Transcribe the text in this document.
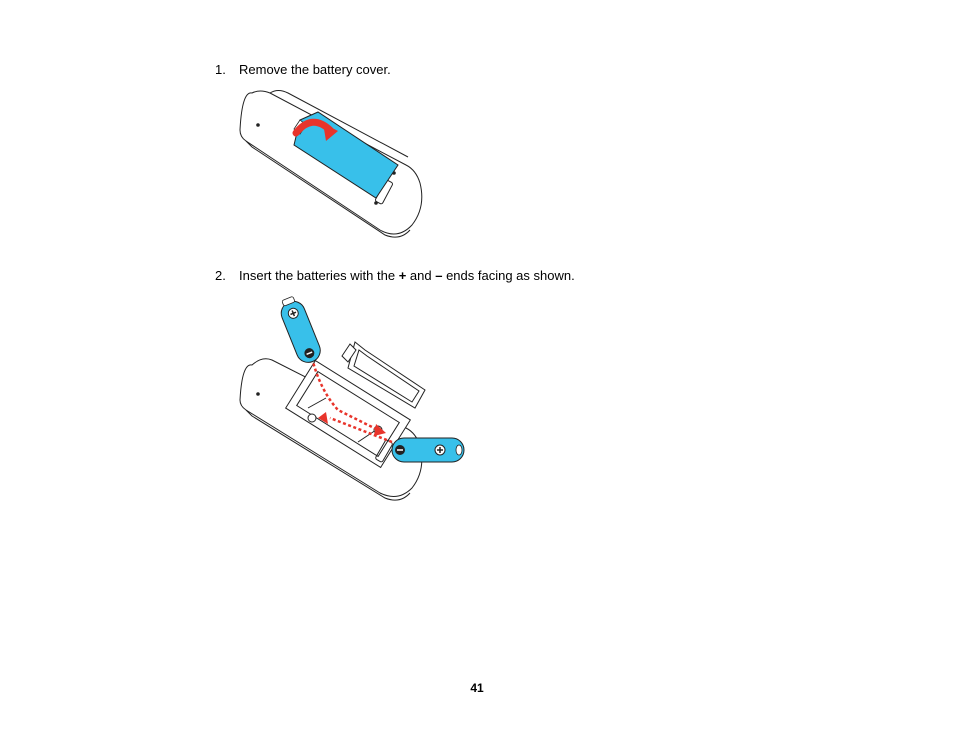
1. Remove the battery cover.
2. Insert the batteries with the + and – ends facing as shown.
41
